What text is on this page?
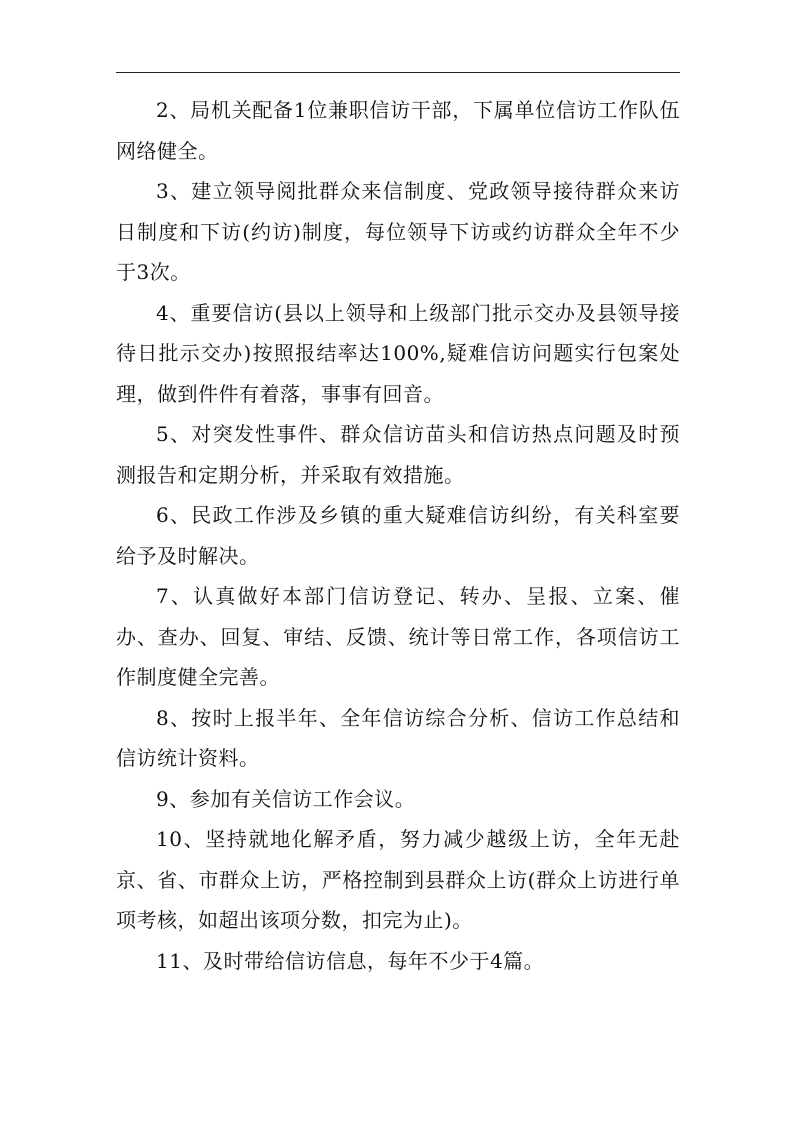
2、局机关配备1位兼职信访干部，下属单位信访工作队伍网络健全。

3、建立领导阅批群众来信制度、党政领导接待群众来访日制度和下访(约访)制度，每位领导下访或约访群众全年不少于3次。

4、重要信访(县以上领导和上级部门批示交办及县领导接待日批示交办)按照报结率达100%,疑难信访问题实行包案处理，做到件件有着落，事事有回音。

5、对突发性事件、群众信访苗头和信访热点问题及时预测报告和定期分析，并采取有效措施。

6、民政工作涉及乡镇的重大疑难信访纠纷，有关科室要给予及时解决。

7、认真做好本部门信访登记、转办、呈报、立案、催办、查办、回复、审结、反馈、统计等日常工作，各项信访工作制度健全完善。

8、按时上报半年、全年信访综合分析、信访工作总结和信访统计资料。

9、参加有关信访工作会议。

10、坚持就地化解矛盾，努力减少越级上访，全年无赴京、省、市群众上访，严格控制到县群众上访(群众上访进行单项考核，如超出该项分数，扣完为止)。

11、及时带给信访信息，每年不少于4篇。
